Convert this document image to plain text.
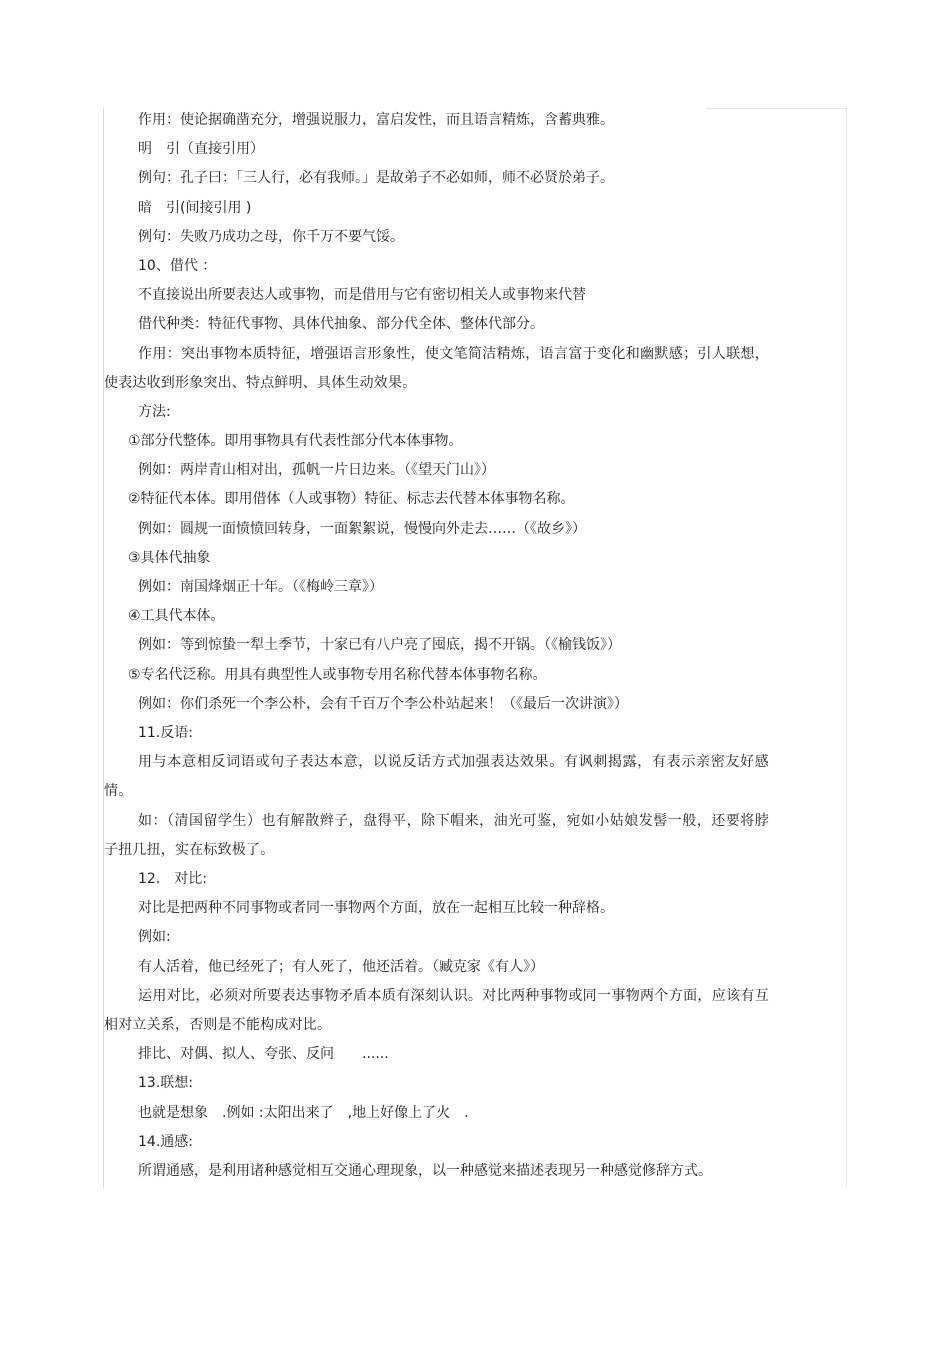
作用：使论据确凿充分，增强说服力，富启发性，而且语言精炼，含蓄典雅。
明　引（直接引用）
例句：孔子曰：「三人行，必有我师。」是故弟子不必如师，师不必贤於弟子。
暗　引(间接引用 )
例句：失败乃成功之母，你千万不要气馁。
10、借代 ：
不直接说出所要表达人或事物，而是借用与它有密切相关人或事物来代替
借代种类：特征代事物、具体代抽象、部分代全体、整体代部分。
作用：突出事物本质特征，增强语言形象性，使文笔简洁精炼，语言富于变化和幽默感；引人联想，使表达收到形象突出、特点鲜明、具体生动效果。
方法:
①部分代整体。即用事物具有代表性部分代本体事物。
例如：两岸青山相对出，孤帆一片日边来。（《望天门山》）
②特征代本体。即用借体（人或事物）特征、标志去代替本体事物名称。
例如：圆规一面愤愤回转身，一面絮絮说，慢慢向外走去……（《故乡》）
③具体代抽象
例如：南国烽烟正十年。（《梅岭三章》）
④工具代本体。
例如：等到惊蛰一犁土季节，十家已有八户亮了囤底，揭不开锅。（《榆钱饭》）
⑤专名代泛称。用具有典型性人或事物专用名称代替本体事物名称。
例如：你们杀死一个李公朴，会有千百万个李公朴站起来！（《最后一次讲演》）
11.反语:
用与本意相反词语或句子表达本意，以说反话方式加强表达效果。有讽刺揭露，有表示亲密友好感情。
如：（清国留学生）也有解散辫子，盘得平，除下帽来，油光可鉴，宛如小姑娘发髻一般，还要将脖子扭几扭，实在标致极了。
12.　对比:
对比是把两种不同事物或者同一事物两个方面，放在一起相互比较一种辞格。
例如:
有人活着，他已经死了；有人死了，他还活着。（臧克家《有人》）
运用对比，必须对所要表达事物矛盾本质有深刻认识。对比两种事物或同一事物两个方面，应该有互相对立关系，否则是不能构成对比。
排比、对偶、拟人、夸张、反问　　......
13.联想:
也就是想象　.例如 :太阳出来了　,地上好像上了火　.
14.通感:
所谓通感，是利用诸种感觉相互交通心理现象，以一种感觉来描述表现另一种感觉修辞方式。
